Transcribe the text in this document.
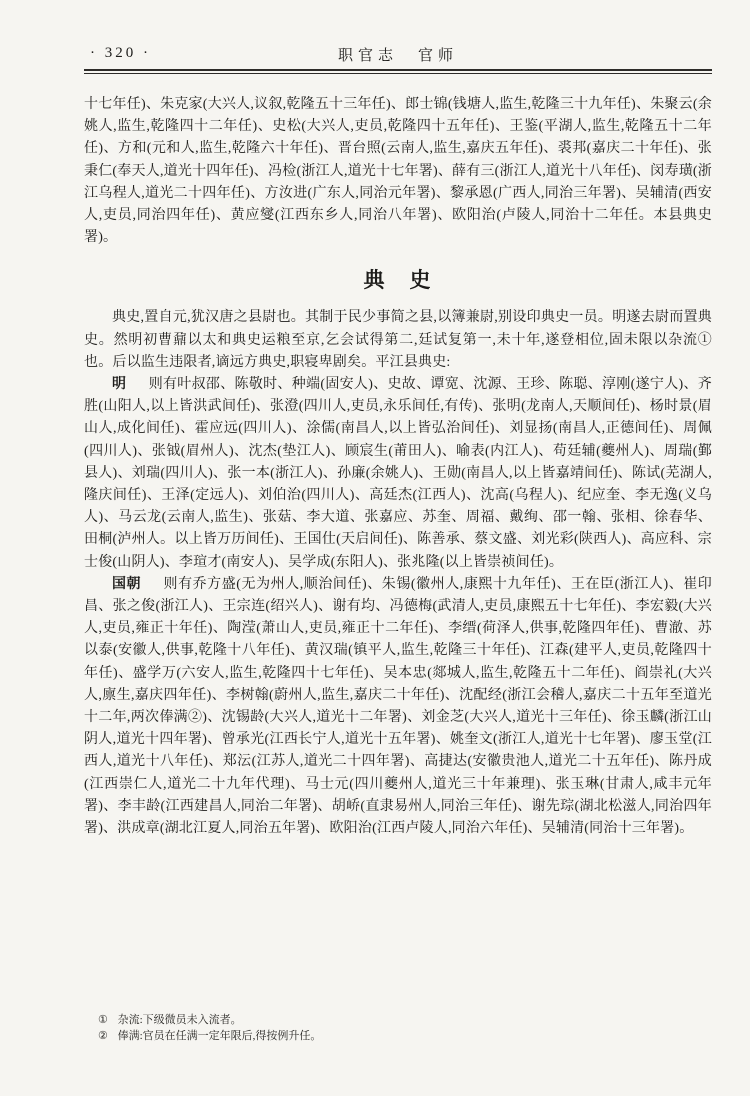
· 320 ·	职官志　官师

十七年任)、朱克家(大兴人,议叙,乾隆五十三年任)、郎士锦(钱塘人,监生,乾隆三十九年任)、朱聚云(余姚人,监生,乾隆四十二年任)、史松(大兴人,吏员,乾隆四十五年任)、王鉴(平湖人,监生,乾隆五十二年任)、方和(元和人,监生,乾隆六十年任)、晋台照(云南人,监生,嘉庆五年任)、裘邦(嘉庆二十年任)、张秉仁(奉天人,道光十四年任)、冯检(浙江人,道光十七年署)、薛有三(浙江人,道光十八年任)、闵寿璜(浙江乌程人,道光二十四年任)、方汝进(广东人,同治元年署)、黎承恩(广西人,同治三年署)、吴辅清(西安人,吏员,同治四年任)、黄应燮(江西东乡人,同治八年署)、欧阳治(卢陵人,同治十二年任。本县典史署)。

典　史

典史,置自元,犹汉唐之县尉也。其制于民少事简之县,以簿兼尉,别设印典史一员。明遂去尉而置典史。然明初曹鼐以太和典史运粮至京,乞会试得第二,廷试复第一,未十年,遂登相位,固未限以杂流①也。后以监生违限者,谪远方典史,职寝卑剧矣。平江县典史:

明 则有叶叔邵、陈敬时、种端(固安人)、史故、谭宽、沈源、王珍、陈聪、淳刚(遂宁人)、齐胜(山阳人,以上皆洪武间任)、张澄(四川人,吏员,永乐间任,有传)、张明(龙南人,天顺间任)、杨时景(眉山人,成化间任)、霍应远(四川人)、涂儒(南昌人,以上皆弘治间任)、刘显扬(南昌人,正德间任)、周佩(四川人)、张钺(眉州人)、沈杰(垫江人)、顾宸生(莆田人)、喻表(内江人)、苟廷辅(夔州人)、周瑞(鄞县人)、刘瑞(四川人)、张一本(浙江人)、孙廉(余姚人)、王勋(南昌人,以上皆嘉靖间任)、陈试(芜湖人,隆庆间任)、王泽(定远人)、刘伯治(四川人)、高廷杰(江西人)、沈高(乌程人)、纪应奎、李无逸(义乌人)、马云龙(云南人,监生)、张菇、李大道、张嘉应、苏奎、周福、戴绚、邵一翰、张相、徐春华、田桐(泸州人。以上皆万历间任)、王国仕(天启间任)、陈善承、蔡文盛、刘光彩(陕西人)、高应科、宗士俊(山阴人)、李瑄才(南安人)、吴学成(东阳人)、张兆隆(以上皆崇祯间任)。

国朝 则有乔方盛(无为州人,顺治间任)、朱锡(徽州人,康熙十九年任)、王在臣(浙江人)、崔印昌、张之俊(浙江人)、王宗连(绍兴人)、谢有均、冯德梅(武清人,吏员,康熙五十七年任)、李宏毅(大兴人,吏员,雍正十年任)、陶滢(萧山人,吏员,雍正十二年任)、李缙(荷泽人,供事,乾隆四年任)、曹澈、苏以泰(安徽人,供事,乾隆十八年任)、黄汉瑞(镇平人,监生,乾隆三十年任)、江森(建平人,吏员,乾隆四十年任)、盛学万(六安人,监生,乾隆四十七年任)、吴本忠(郯城人,监生,乾隆五十二年任)、阎崇礼(大兴人,廪生,嘉庆四年任)、李树翰(蔚州人,监生,嘉庆二十年任)、沈配经(浙江会稽人,嘉庆二十五年至道光十二年,两次俸满②)、沈锡龄(大兴人,道光十二年署)、刘金芝(大兴人,道光十三年任)、徐玉麟(浙江山阴人,道光十四年署)、曾承光(江西长宁人,道光十五年署)、姚奎文(浙江人,道光十七年署)、廖玉堂(江西人,道光十八年任)、郑沄(江苏人,道光二十四年署)、高捷达(安徽贵池人,道光二十五年任)、陈丹成(江西崇仁人,道光二十九年代理)、马士元(四川夔州人,道光三十年兼理)、张玉琳(甘肃人,咸丰元年署)、李丰龄(江西建昌人,同治二年署)、胡峤(直隶易州人,同治三年任)、谢先琮(湖北松滋人,同治四年署)、洪成章(湖北江夏人,同治五年署)、欧阳治(江西卢陵人,同治六年任)、吴辅清(同治十三年署)。

① 杂流:下级微员未入流者。
② 俸满:官员在任满一定年限后,得按例升任。
